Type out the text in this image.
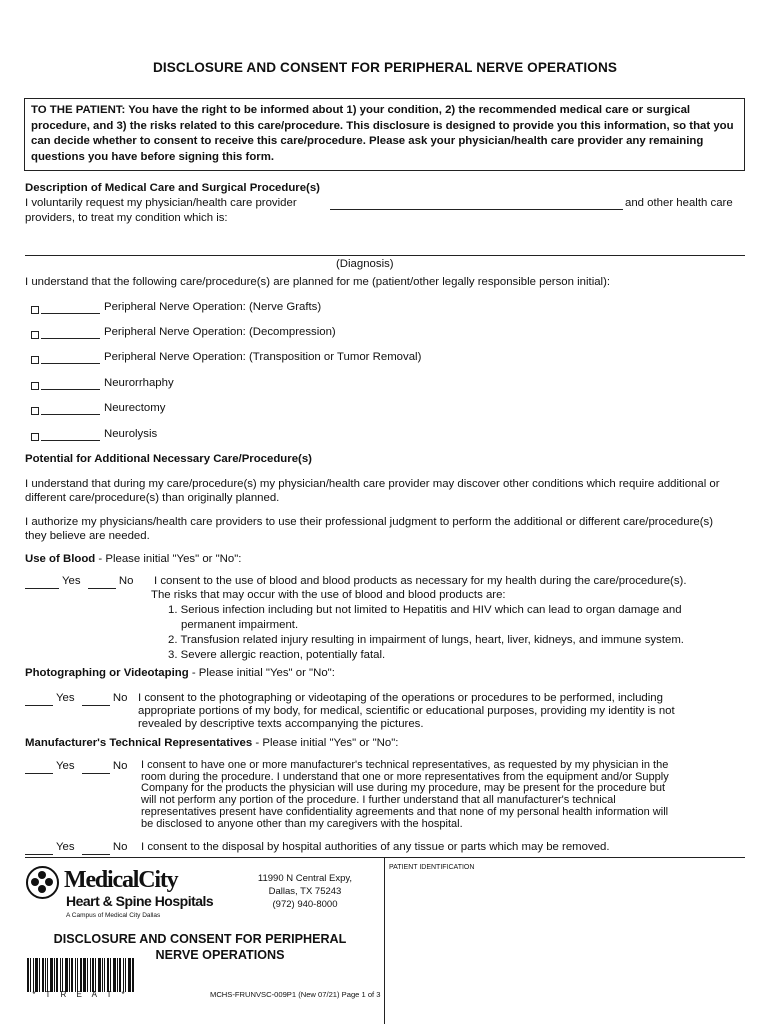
DISCLOSURE AND CONSENT FOR PERIPHERAL NERVE OPERATIONS
TO THE PATIENT: You have the right to be informed about 1) your condition, 2) the recommended medical care or surgical procedure, and 3) the risks related to this care/procedure. This disclosure is designed to provide you this information, so that you can decide whether to consent to receive this care/procedure. Please ask your physician/health care provider any remaining questions you have before signing this form.
Description of Medical Care and Surgical Procedure(s)
I voluntarily request my physician/health care provider	and other health care
providers, to treat my condition which is:
(Diagnosis)
I understand that the following care/procedure(s) are planned for me (patient/other legally responsible person initial):
Peripheral Nerve Operation: (Nerve Grafts)
Peripheral Nerve Operation: (Decompression)
Peripheral Nerve Operation: (Transposition or Tumor Removal)
Neurorrhaphy
Neurectomy
Neurolysis
Potential for Additional Necessary Care/Procedure(s)
I understand that during my care/procedure(s) my physician/health care provider may discover other conditions which require additional or different care/procedure(s) than originally planned.
I authorize my physicians/health care providers to use their professional judgment to perform the additional or different care/procedure(s) they believe are needed.
Use of Blood - Please initial "Yes" or "No":
Yes	No I consent to the use of blood and blood products as necessary for my health during the care/procedure(s).
The risks that may occur with the use of blood and blood products are:
1. Serious infection including but not limited to Hepatitis and HIV which can lead to organ damage and
permanent impairment.
2. Transfusion related injury resulting in impairment of lungs, heart, liver, kidneys, and immune system.
3. Severe allergic reaction, potentially fatal.
Photographing or Videotaping - Please initial "Yes" or "No":
Yes	No I consent to the photographing or videotaping of the operations or procedures to be performed, including
appropriate portions of my body, for medical, scientific or educational purposes, providing my identity is not
revealed by descriptive texts accompanying the pictures.
Manufacturer's Technical Representatives - Please initial "Yes" or "No":
Yes	No I consent to have one or more manufacturer's technical representatives, as requested by my physician in the
room during the procedure. I understand that one or more representatives from the equipment and/or Supply
Company for the products the physician will use during my procedure, may be present for the procedure but
will not perform any portion of the procedure. I further understand that all manufacturer's technical
representatives present have confidentiality agreements and that none of my personal health information will
be disclosed to anyone other than my caregivers with the hospital.
Yes	No I consent to the disposal by hospital authorities of any tissue or parts which may be removed.
PATIENT IDENTIFICATION
MedicalCity
Heart & Spine Hospitals
A Campus of Medical City Dallas
11990 N Central Expy,
Dallas, TX 75243
(972) 940-8000
DISCLOSURE AND CONSENT FOR PERIPHERAL
NERVE OPERATIONS
* T R E A T *	MCHS-FRUNVSC-009P1 (New 07/21) Page 1 of 3
